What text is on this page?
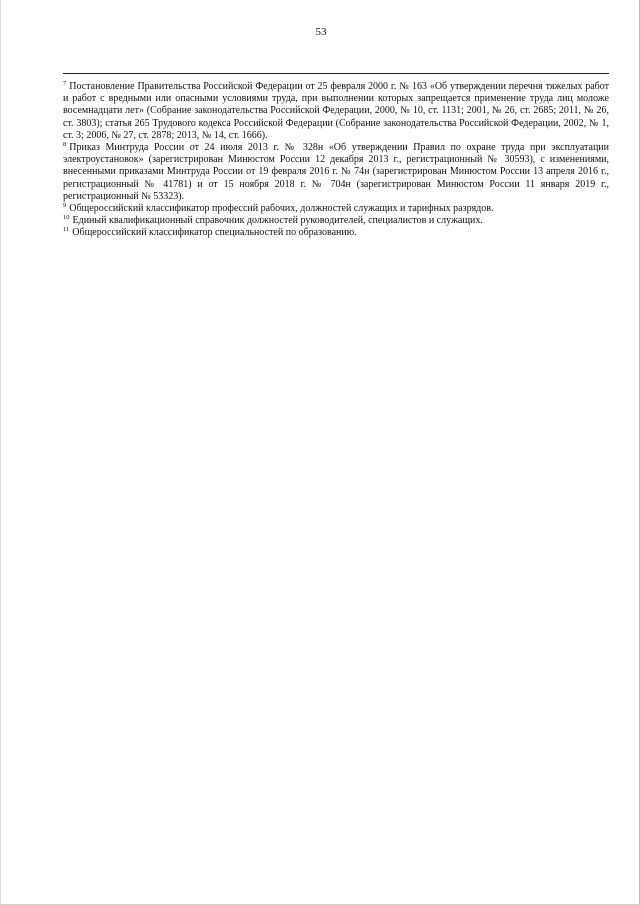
53

$^7$ Постановление Правительства Российской Федерации от 25 февраля 2000 г. № 163 «Об утверждении перечня тяжелых работ и работ с вредными или опасными условиями труда, при выполнении которых запрещается применение труда лиц моложе восемнадцати лет» (Собрание законодательства Российской Федерации, 2000, № 10, ст. 1131; 2001, № 26, ст. 2685; 2011, № 26, ст. 3803); статья 265 Трудового кодекса Российской Федерации (Собрание законодательства Российской Федерации, 2002, № 1, ст. 3; 2006, № 27, ст. 2878; 2013, № 14, ст. 1666).

$^8$ Приказ Минтруда России от 24 июля 2013 г. № 328н «Об утверждении Правил по охране труда при эксплуатации электроустановок» (зарегистрирован Минюстом России 12 декабря 2013 г., регистрационный № 30593), с изменениями, внесенными приказами Минтруда России от 19 февраля 2016 г. № 74н (зарегистрирован Минюстом России 13 апреля 2016 г., регистрационный № 41781) и от 15 ноября 2018 г. № 704н (зарегистрирован Минюстом России 11 января 2019 г., регистрационный № 53323).

$^9$ Общероссийский классификатор профессий рабочих, должностей служащих и тарифных разрядов.

$^{10}$ Единый квалификационный справочник должностей руководителей, специалистов и служащих.

$^{11}$ Общероссийский классификатор специальностей по образованию.
